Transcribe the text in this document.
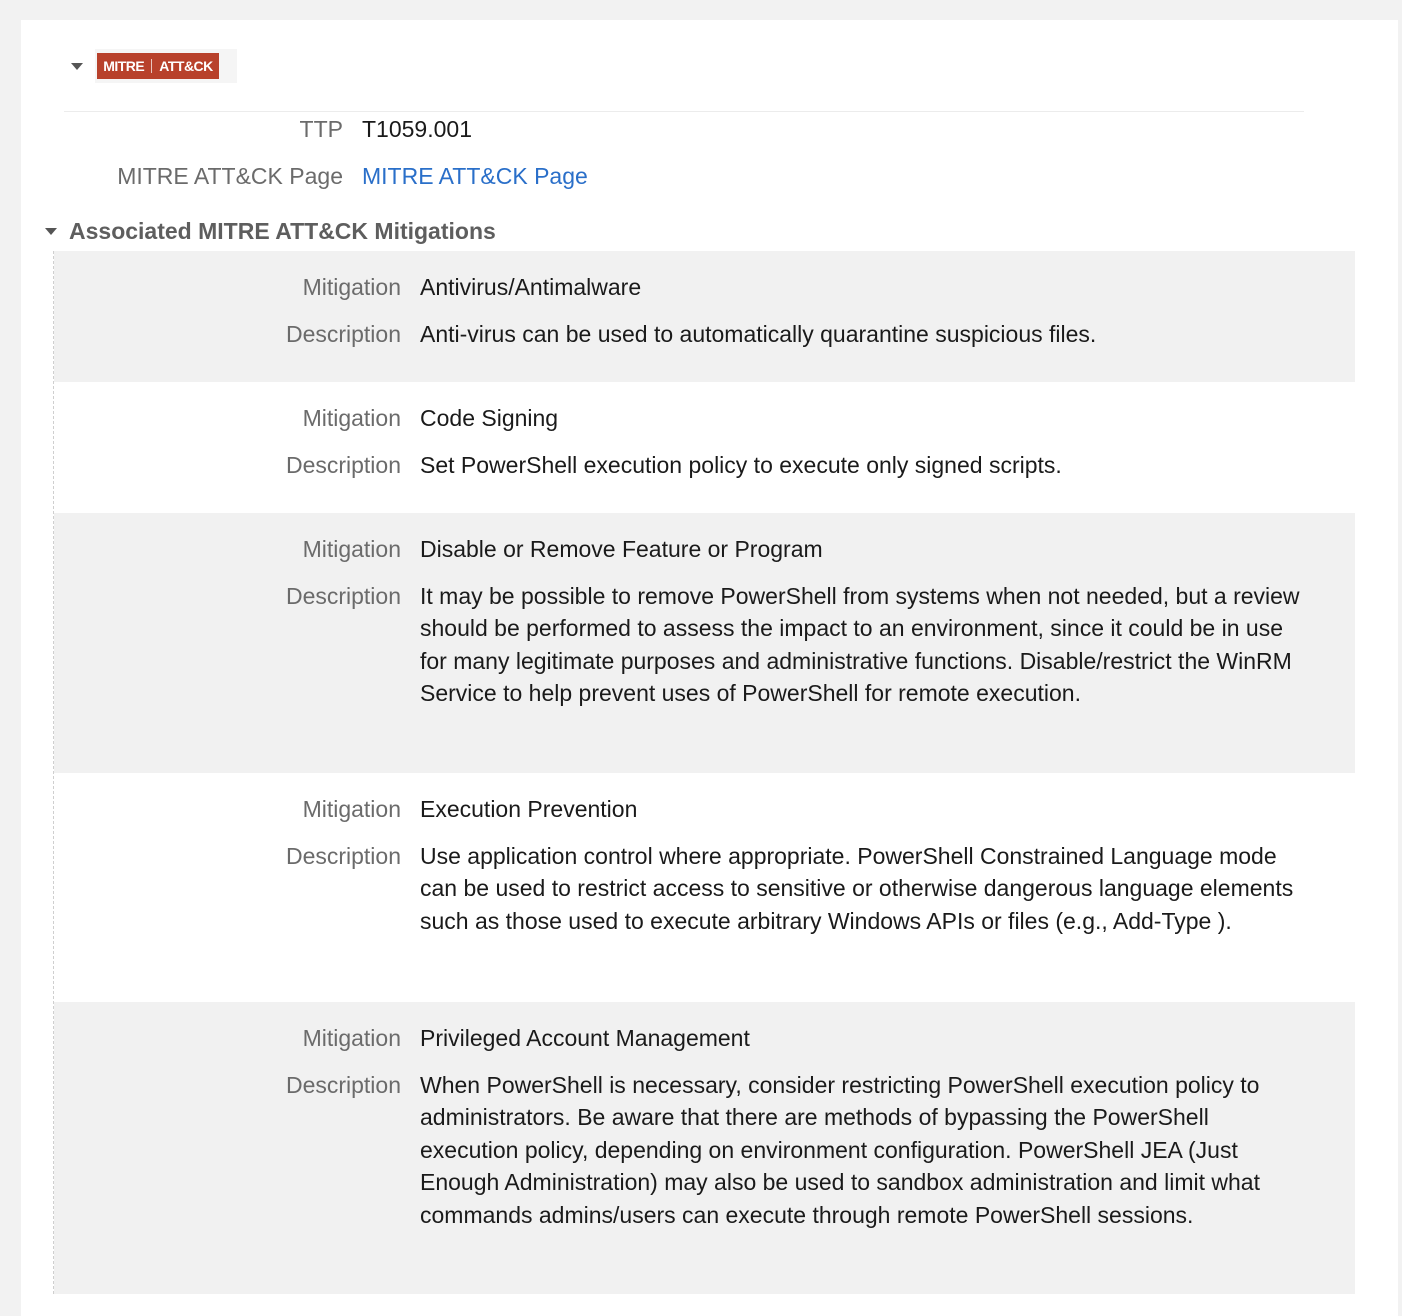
MITRE ATT&CK
TTP T1059.001
MITRE ATT&CK Page MITRE ATT&CK Page
Associated MITRE ATT&CK Mitigations
Mitigation Antivirus/Antimalware
Description Anti-virus can be used to automatically quarantine suspicious files.
Mitigation Code Signing
Description Set PowerShell execution policy to execute only signed scripts.
Mitigation Disable or Remove Feature or Program
Description It may be possible to remove PowerShell from systems when not needed, but a review should be performed to assess the impact to an environment, since it could be in use for many legitimate purposes and administrative functions. Disable/restrict the WinRM Service to help prevent uses of PowerShell for remote execution.
Mitigation Execution Prevention
Description Use application control where appropriate. PowerShell Constrained Language mode can be used to restrict access to sensitive or otherwise dangerous language elements such as those used to execute arbitrary Windows APIs or files (e.g., Add-Type ).
Mitigation Privileged Account Management
Description When PowerShell is necessary, consider restricting PowerShell execution policy to administrators. Be aware that there are methods of bypassing the PowerShell execution policy, depending on environment configuration. PowerShell JEA (Just Enough Administration) may also be used to sandbox administration and limit what commands admins/users can execute through remote PowerShell sessions.
